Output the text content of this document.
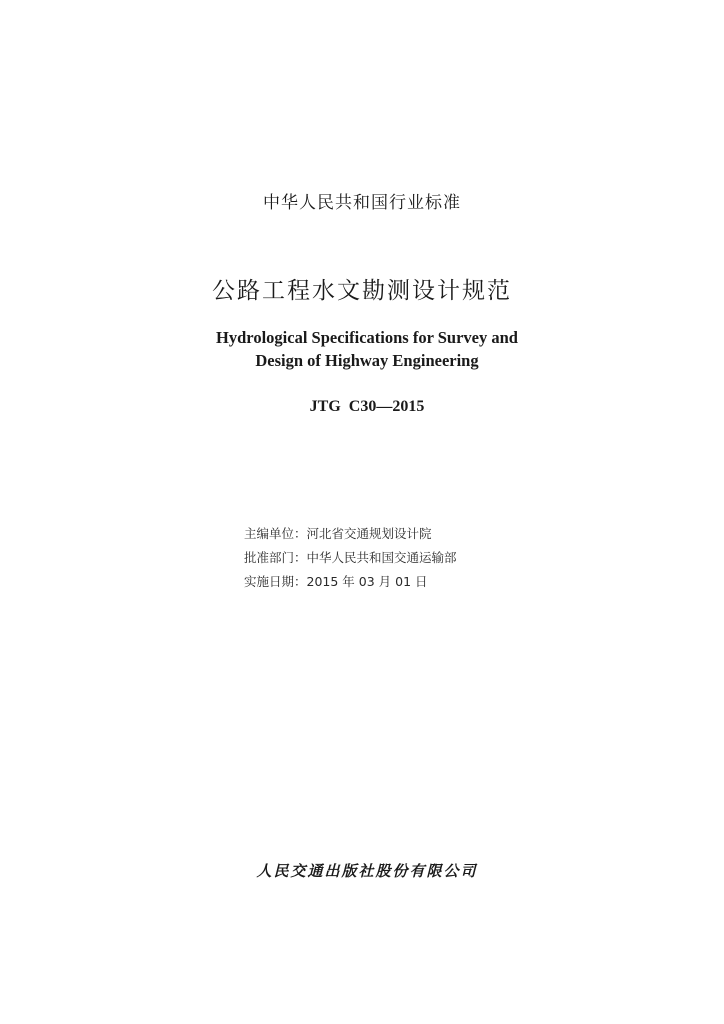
中华人民共和国行业标准
公路工程水文勘测设计规范
Hydrological Specifications for Survey and
Design of Highway Engineering
JTG C30—2015
主编单位：河北省交通规划设计院
批准部门：中华人民共和国交通运输部
实施日期：2015 年 03 月 01 日
人民交通出版社股份有限公司
